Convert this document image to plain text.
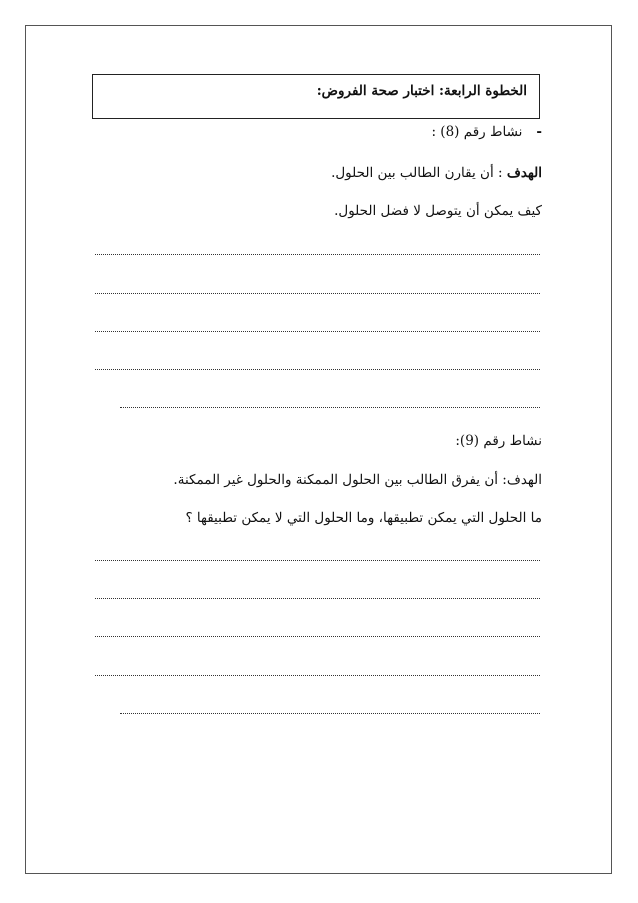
الخطوة الرابعة: اختبار صحة الفروض:
-نشاط رقم (8) :
الهدف : أن يقارن الطالب بين الحلول.
كيف يمكن أن يتوصل لا فضل الحلول.
نشاط رقم (9):
الهدف: أن يفرق الطالب بين الحلول الممكنة والحلول غير الممكنة.
ما الحلول التي يمكن تطبيقها، وما الحلول التي لا يمكن تطبيقها ؟
